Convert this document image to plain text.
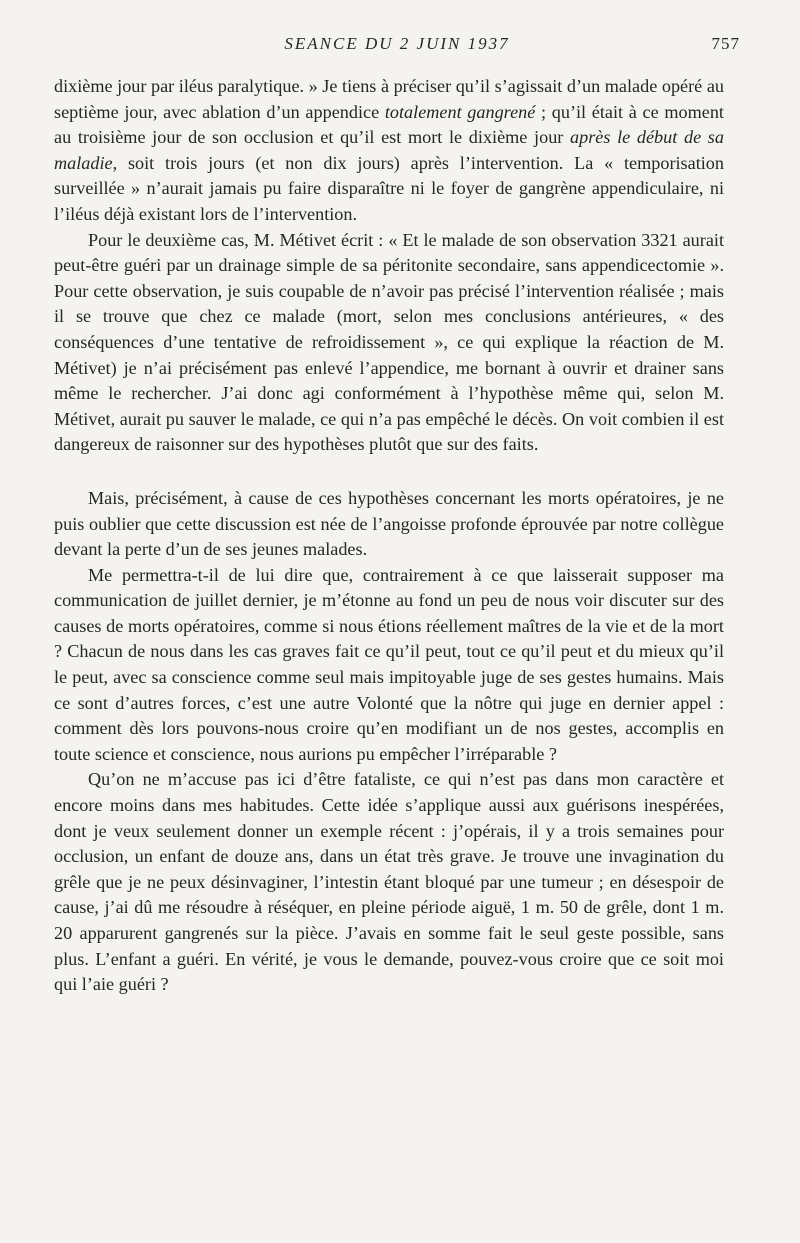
SEANCE DU 2 JUIN 1937	757

dixième jour par iléus paralytique. » Je tiens à préciser qu’il s’agissait d’un malade opéré au septième jour, avec ablation d’un appendice totalement gangrené ; qu’il était à ce moment au troisième jour de son occlusion et qu’il est mort le dixième jour après le début de sa maladie, soit trois jours (et non dix jours) après l’intervention. La « temporisation surveillée » n’aurait jamais pu faire disparaître ni le foyer de gangrène appendiculaire, ni l’iléus déjà existant lors de l’intervention.

Pour le deuxième cas, M. Métivet écrit : « Et le malade de son observation 3321 aurait peut-être guéri par un drainage simple de sa péritonite secondaire, sans appendicectomie ». Pour cette observation, je suis coupable de n’avoir pas précisé l’intervention réalisée ; mais il se trouve que chez ce malade (mort, selon mes conclusions antérieures, « des conséquences d’une tentative de refroidissement », ce qui explique la réaction de M. Métivet) je n’ai précisément pas enlevé l’appendice, me bornant à ouvrir et drainer sans même le rechercher. J’ai donc agi conformément à l’hypothèse même qui, selon M. Métivet, aurait pu sauver le malade, ce qui n’a pas empêché le décès. On voit combien il est dangereux de raisonner sur des hypothèses plutôt que sur des faits.

Mais, précisément, à cause de ces hypothèses concernant les morts opératoires, je ne puis oublier que cette discussion est née de l’angoisse profonde éprouvée par notre collègue devant la perte d’un de ses jeunes malades.

Me permettra-t-il de lui dire que, contrairement à ce que laisserait supposer ma communication de juillet dernier, je m’étonne au fond un peu de nous voir discuter sur des causes de morts opératoires, comme si nous étions réellement maîtres de la vie et de la mort ? Chacun de nous dans les cas graves fait ce qu’il peut, tout ce qu’il peut et du mieux qu’il le peut, avec sa conscience comme seul mais impitoyable juge de ses gestes humains. Mais ce sont d’autres forces, c’est une autre Volonté que la nôtre qui juge en dernier appel : comment dès lors pouvons-nous croire qu’en modifiant un de nos gestes, accomplis en toute science et conscience, nous aurions pu empêcher l’irréparable ?

Qu’on ne m’accuse pas ici d’être fataliste, ce qui n’est pas dans mon caractère et encore moins dans mes habitudes. Cette idée s’applique aussi aux guérisons inespérées, dont je veux seulement donner un exemple récent : j’opérais, il y a trois semaines pour occlusion, un enfant de douze ans, dans un état très grave. Je trouve une invagination du grêle que je ne peux désinvaginer, l’intestin étant bloqué par une tumeur ; en désespoir de cause, j’ai dû me résoudre à réséquer, en pleine période aiguë, 1 m. 50 de grêle, dont 1 m. 20 apparurent gangrenés sur la pièce. J’avais en somme fait le seul geste possible, sans plus. L’enfant a guéri. En vérité, je vous le demande, pouvez-vous croire que ce soit moi qui l’aie guéri ?
